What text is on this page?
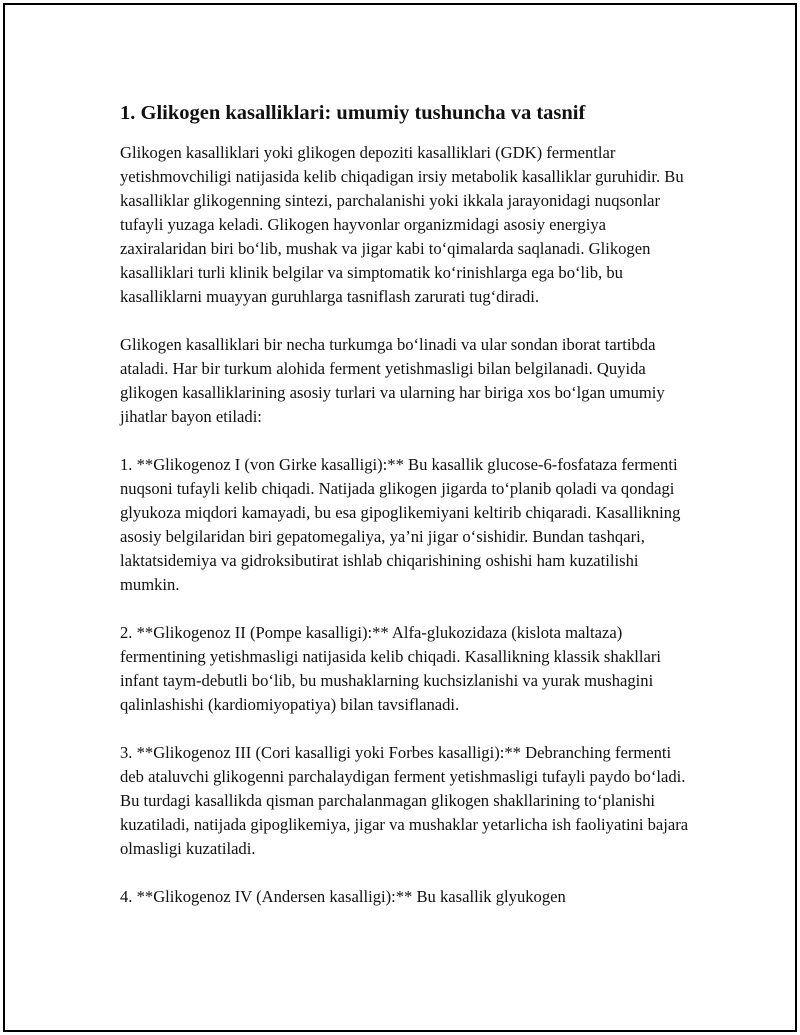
1. Glikogen kasalliklari: umumiy tushuncha va tasnif

Glikogen kasalliklari yoki glikogen depoziti kasalliklari (GDK) fermentlar yetishmovchiligi natijasida kelib chiqadigan irsiy metabolik kasalliklar guruhidir. Bu kasalliklar glikogenning sintezi, parchalanishi yoki ikkala jarayonidagi nuqsonlar tufayli yuzaga keladi. Glikogen hayvonlar organizmidagi asosiy energiya zaxiralaridan biri bo‘lib, mushak va jigar kabi to‘qimalarda saqlanadi. Glikogen kasalliklari turli klinik belgilar va simptomatik ko‘rinishlarga ega bo‘lib, bu kasalliklarni muayyan guruhlarga tasniflash zarurati tug‘diradi.

Glikogen kasalliklari bir necha turkumga bo‘linadi va ular sondan iborat tartibda ataladi. Har bir turkum alohida ferment yetishmasligi bilan belgilanadi. Quyida glikogen kasalliklarining asosiy turlari va ularning har biriga xos bo‘lgan umumiy jihatlar bayon etiladi:

1. **Glikogenoz I (von Girke kasalligi):** Bu kasallik glucose-6-fosfataza fermenti nuqsoni tufayli kelib chiqadi. Natijada glikogen jigarda to‘planib qoladi va qondagi glyukoza miqdori kamayadi, bu esa gipoglikemiyani keltirib chiqaradi. Kasallikning asosiy belgilaridan biri gepatomegaliya, ya’ni jigar o‘sishidir. Bundan tashqari, laktatsidemiya va gidroksibutirat ishlab chiqarishining oshishi ham kuzatilishi mumkin.

2. **Glikogenoz II (Pompe kasalligi):** Alfa-glukozidaza (kislota maltaza) fermentining yetishmasligi natijasida kelib chiqadi. Kasallikning klassik shakllari infant taym-debutli bo‘lib, bu mushaklarning kuchsizlanishi va yurak mushagini qalinlashishi (kardiomiyopatiya) bilan tavsiflanadi.

3. **Glikogenoz III (Cori kasalligi yoki Forbes kasalligi):** Debranching fermenti deb ataluvchi glikogenni parchalaydigan ferment yetishmasligi tufayli paydo bo‘ladi. Bu turdagi kasallikda qisman parchalanmagan glikogen shakllarining to‘planishi kuzatiladi, natijada gipoglikemiya, jigar va mushaklar yetarlicha ish faoliyatini bajara olmasligi kuzatiladi.

4. **Glikogenoz IV (Andersen kasalligi):** Bu kasallik glyukogen
